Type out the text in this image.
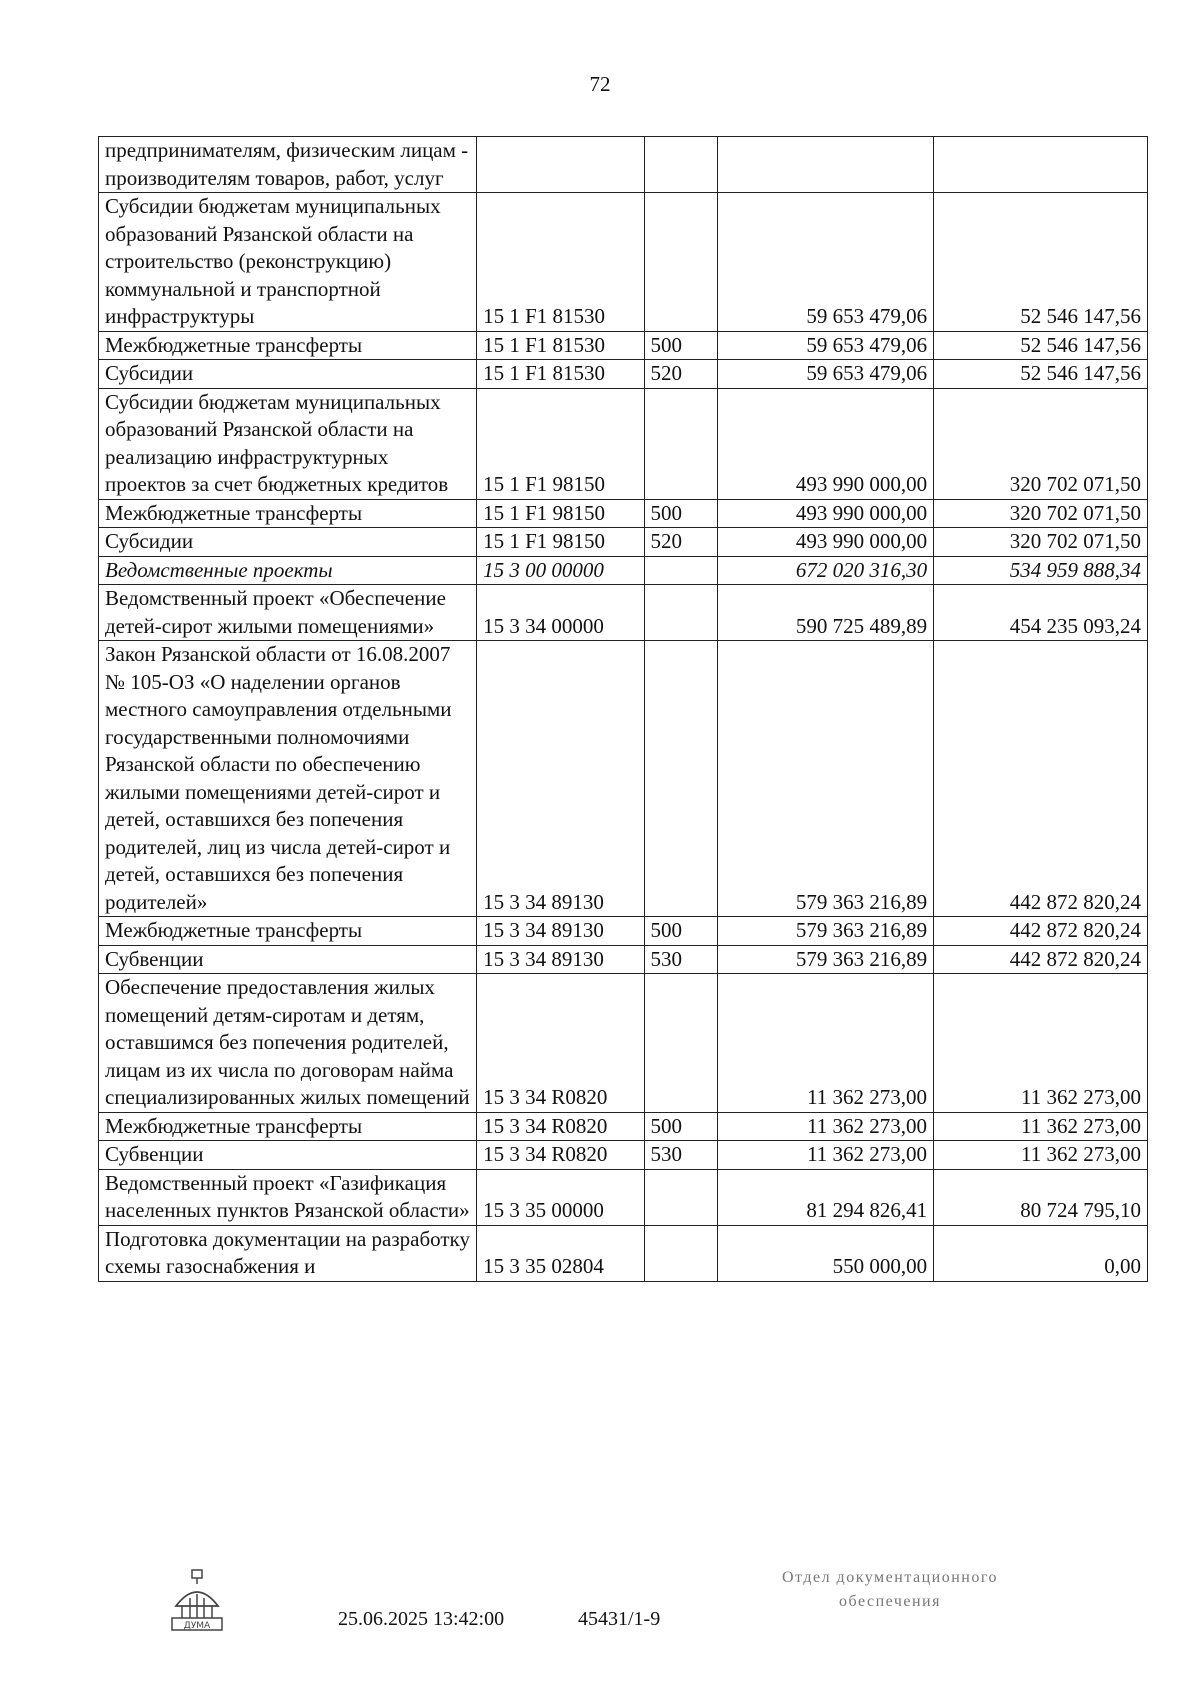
72
предпринимателям, физическим лицам - производителям товаров, работ, услуг				
Субсидии бюджетам муниципальных образований Рязанской области на строительство (реконструкцию) коммунальной и транспортной инфраструктуры	15 1 F1 81530		59 653 479,06	52 546 147,56
Межбюджетные трансферты	15 1 F1 81530	500	59 653 479,06	52 546 147,56
Субсидии	15 1 F1 81530	520	59 653 479,06	52 546 147,56
Субсидии бюджетам муниципальных образований Рязанской области на реализацию инфраструктурных проектов за счет бюджетных кредитов	15 1 F1 98150		493 990 000,00	320 702 071,50
Межбюджетные трансферты	15 1 F1 98150	500	493 990 000,00	320 702 071,50
Субсидии	15 1 F1 98150	520	493 990 000,00	320 702 071,50
Ведомственные проекты	15 3 00 00000		672 020 316,30	534 959 888,34
Ведомственный проект «Обеспечение детей-сирот жилыми помещениями»	15 3 34 00000		590 725 489,89	454 235 093,24
Закон Рязанской области от 16.08.2007 № 105-ОЗ «О наделении органов местного самоуправления отдельными государственными полномочиями Рязанской области по обеспечению жилыми помещениями детей-сирот и детей, оставшихся без попечения родителей, лиц из числа детей-сирот и детей, оставшихся без попечения родителей»	15 3 34 89130		579 363 216,89	442 872 820,24
Межбюджетные трансферты	15 3 34 89130	500	579 363 216,89	442 872 820,24
Субвенции	15 3 34 89130	530	579 363 216,89	442 872 820,24
Обеспечение предоставления жилых помещений детям-сиротам и детям, оставшимся без попечения родителей, лицам из их числа по договорам найма специализированных жилых помещений	15 3 34 R0820		11 362 273,00	11 362 273,00
Межбюджетные трансферты	15 3 34 R0820	500	11 362 273,00	11 362 273,00
Субвенции	15 3 34 R0820	530	11 362 273,00	11 362 273,00
Ведомственный проект «Газификация населенных пунктов Рязанской области»	15 3 35 00000		81 294 826,41	80 724 795,10
Подготовка документации на разработку схемы газоснабжения и	15 3 35 02804		550 000,00	0,00
ДУМА	25.06.2025 13:42:00	45431/1-9
Отдел документационного
обеспечения
